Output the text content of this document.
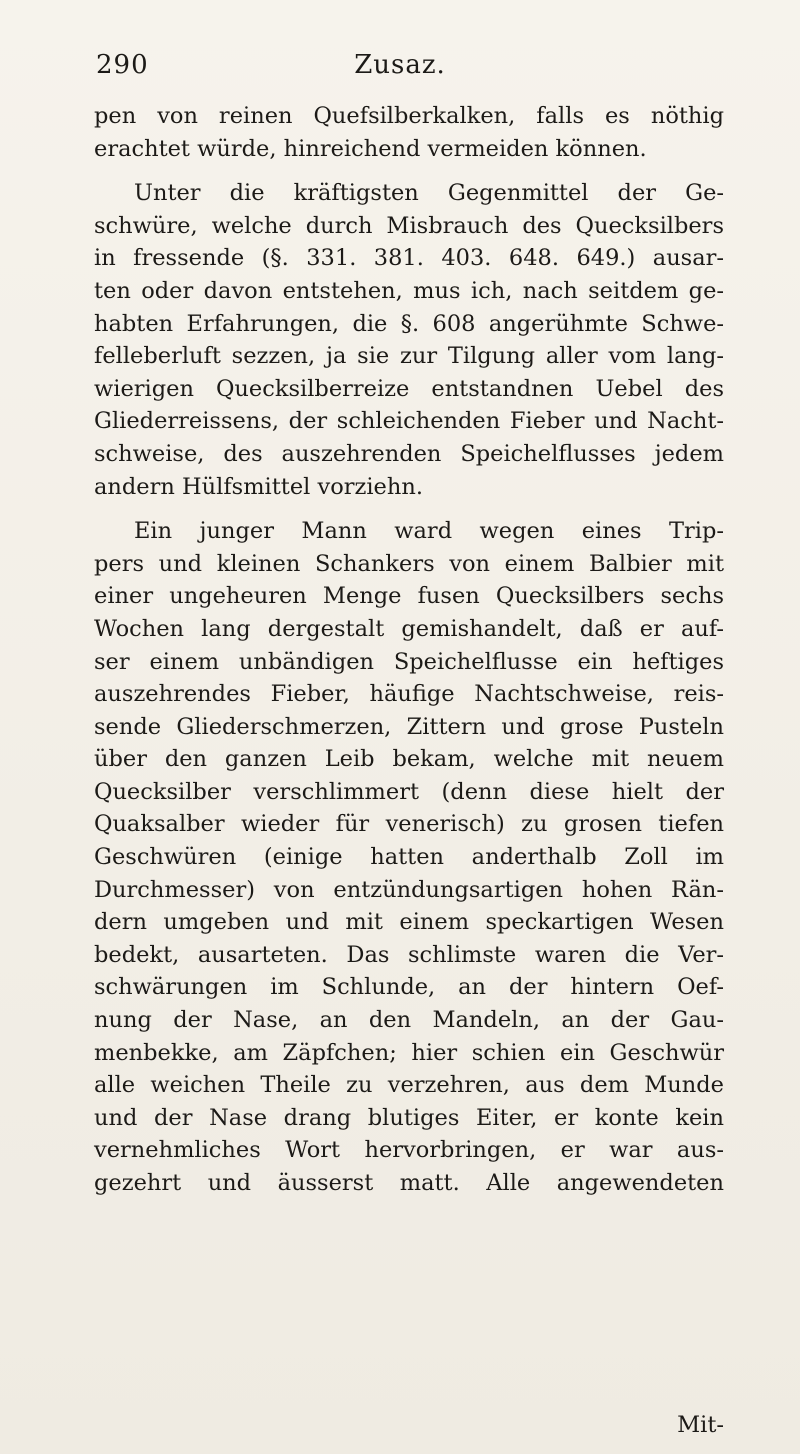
290	Zusaz.
pen von reinen Quefsilberkalken, falls es nöthig
erachtet würde, hinreichend vermeiden können.
Unter die kräftigsten Gegenmittel der Ge-
schwüre, welche durch Misbrauch des Quecksilbers
in fressende (§. 331. 381. 403. 648. 649.) ausar-
ten oder davon entstehen, mus ich, nach seitdem ge-
habten Erfahrungen, die §. 608 angerühmte Schwe-
felleberluft sezzen, ja sie zur Tilgung aller vom lang-
wierigen Quecksilberreize entstandnen Uebel des
Gliederreissens, der schleichenden Fieber und Nacht-
schweise, des auszehrenden Speichelflusses jedem
andern Hülfsmittel vorziehn.
Ein junger Mann ward wegen eines Trip-
pers und kleinen Schankers von einem Balbier mit
einer ungeheuren Menge fusen Quecksilbers sechs
Wochen lang dergestalt gemishandelt, daß er auf-
ser einem unbändigen Speichelflusse ein heftiges
auszehrendes Fieber, häufige Nachtschweise, reis-
sende Gliederschmerzen, Zittern und grose Pusteln
über den ganzen Leib bekam, welche mit neuem
Quecksilber verschlimmert (denn diese hielt der
Quaksalber wieder für venerisch) zu grosen tiefen
Geschwüren (einige hatten anderthalb Zoll im
Durchmesser) von entzündungsartigen hohen Rän-
dern umgeben und mit einem speckartigen Wesen
bedekt, ausarteten. Das schlimste waren die Ver-
schwärungen im Schlunde, an der hintern Oef-
nung der Nase, an den Mandeln, an der Gau-
menbekke, am Zäpfchen; hier schien ein Geschwür
alle weichen Theile zu verzehren, aus dem Munde
und der Nase drang blutiges Eiter, er konte kein
vernehmliches Wort hervorbringen, er war aus-
gezehrt und äusserst matt. Alle angewendeten
Mit-
